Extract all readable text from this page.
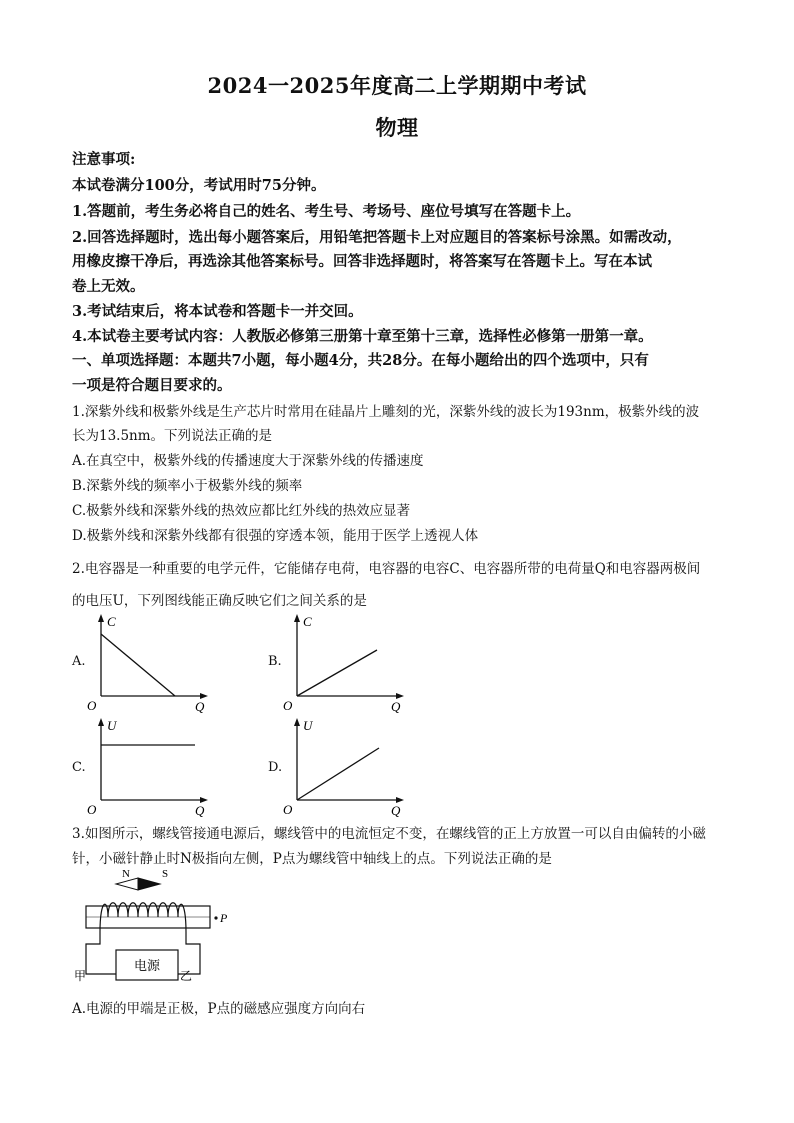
2024一2025年度高二上学期期中考试
物理
注意事项:
本试卷满分100分，考试用时75分钟。
1.答题前，考生务必将自己的姓名、考生号、考场号、座位号填写在答题卡上。
2.回答选择题时，选出每小题答案后，用铅笔把答题卡上对应题目的答案标号涂黑。如需改动，
用橡皮擦干净后，再选涂其他答案标号。回答非选择题时，将答案写在答题卡上。写在本试
卷上无效。
3.考试结束后，将本试卷和答题卡一并交回。
4.本试卷主要考试内容：人教版必修第三册第十章至第十三章，选择性必修第一册第一章。
一、单项选择题：本题共7小题，每小题4分，共28分。在每小题给出的四个选项中，只有
一项是符合题目要求的。
1.深紫外线和极紫外线是生产芯片时常用在硅晶片上雕刻的光，深紫外线的波长为193nm，极紫外线的波
长为13.5nm。下列说法正确的是
A.在真空中，极紫外线的传播速度大于深紫外线的传播速度
B.深紫外线的频率小于极紫外线的频率
C.极紫外线和深紫外线的热效应都比红外线的热效应显著
D.极紫外线和深紫外线都有很强的穿透本领，能用于医学上透视人体
2.电容器是一种重要的电学元件，它能储存电荷，电容器的电容C、电容器所带的电荷量Q和电容器两极间
的电压U，下列图线能正确反映它们之间关系的是
A.
C
O	Q
B.
C
O	Q
C.
U
O	Q
D.
U
O	Q
3.如图所示，螺线管接通电源后，螺线管中的电流恒定不变，在螺线管的正上方放置一可以自由偏转的小磁
针，小磁针静止时N极指向左侧，P点为螺线管中轴线上的点。下列说法正确的是
N	S
电源
甲	乙
P
A.电源的甲端是正极，P点的磁感应强度方向向右
